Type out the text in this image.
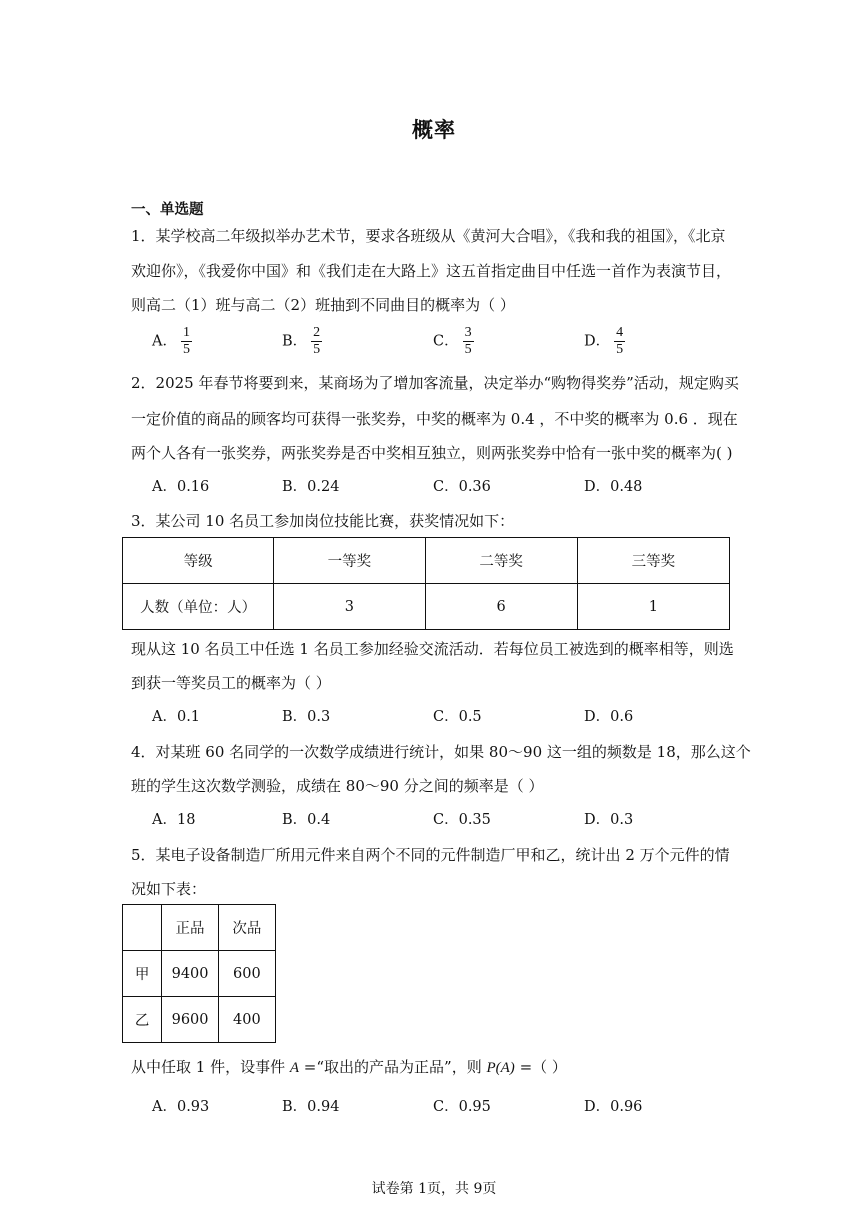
概率
一、单选题
1．某学校高二年级拟举办艺术节，要求各班级从《黄河大合唱》，《我和我的祖国》，《北京
欢迎你》，《我爱你中国》和《我们走在大路上》这五首指定曲目中任选一首作为表演节目，
则高二（1）班与高二（2）班抽到不同曲目的概率为（ ）
A． $\frac{1}{5}$	B． $\frac{2}{5}$	C． $\frac{3}{5}$	D． $\frac{4}{5}$
2．2025 年春节将要到来，某商场为了增加客流量，决定举办“购物得奖券”活动，规定购买
一定价值的商品的顾客均可获得一张奖券，中奖的概率为 0.4 ，不中奖的概率为 0.6 ．现在
两个人各有一张奖券，两张奖券是否中奖相互独立，则两张奖券中恰有一张中奖的概率为( )
A．0.16	B．0.24	C．0.36	D．0.48
3．某公司 10 名员工参加岗位技能比赛，获奖情况如下：
等级	一等奖	二等奖	三等奖
人数（单位：人）	3	6	1
现从这 10 名员工中任选 1 名员工参加经验交流活动．若每位员工被选到的概率相等，则选
到获一等奖员工的概率为（ ）
A．0.1	B．0.3	C．0.5	D．0.6
4．对某班 60 名同学的一次数学成绩进行统计，如果 80～90 这一组的频数是 18，那么这个
班的学生这次数学测验，成绩在 80～90 分之间的频率是（ ）
A．18	B．0.4	C．0.35	D．0.3
5．某电子设备制造厂所用元件来自两个不同的元件制造厂甲和乙，统计出 2 万个元件的情
况如下表：
	正品	次品
甲	9400	600
乙	9600	400
从中任取 1 件，设事件 A =“取出的产品为正品”，则 P(A) =（ ）
A．0.93	B．0.94	C．0.95	D．0.96
试卷第 1页，共 9页
